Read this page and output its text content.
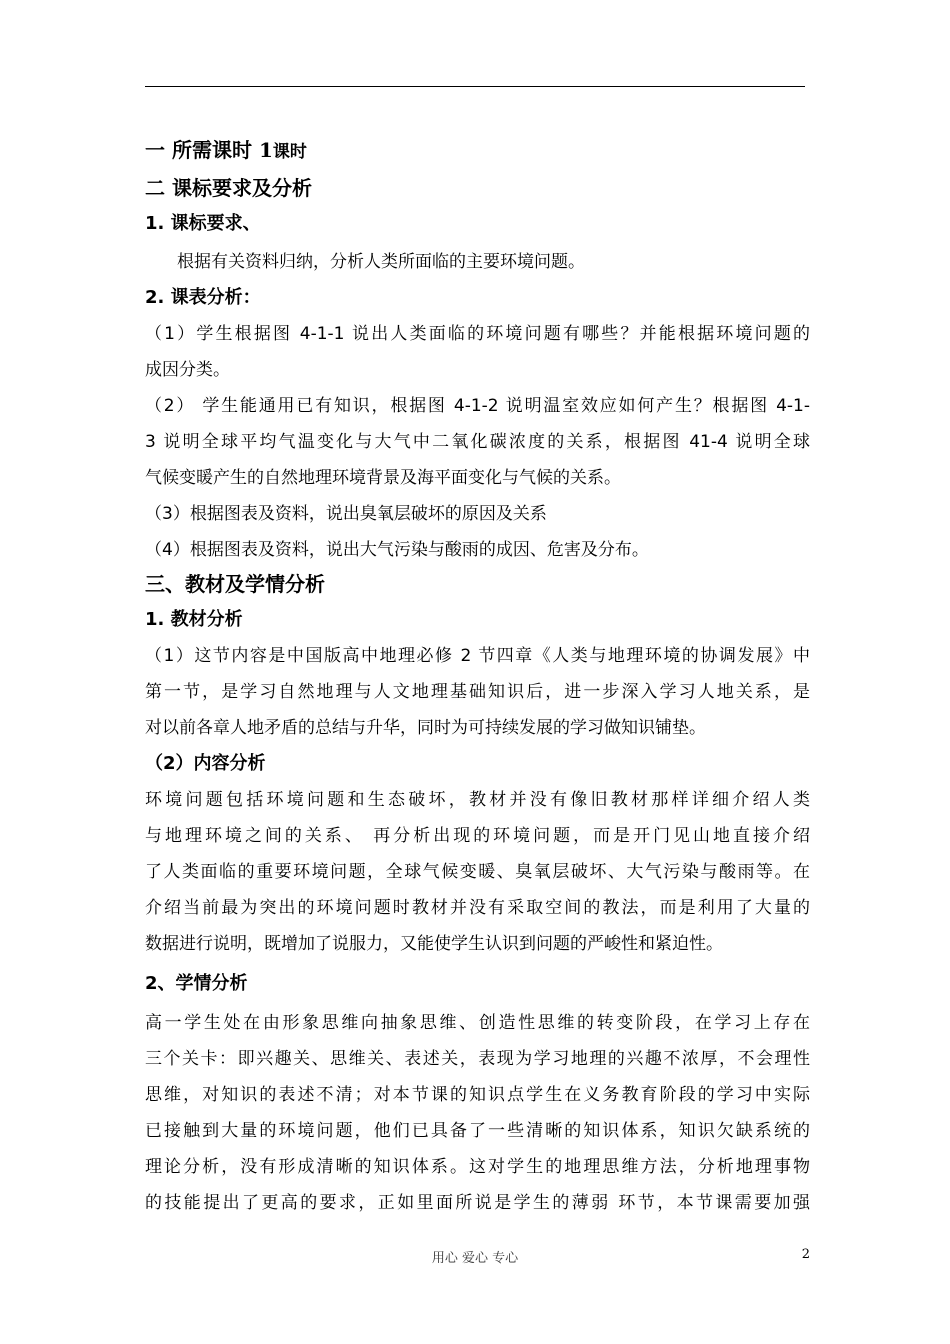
一 所需课时 1课时
二 课标要求及分析
1. 课标要求、
根据有关资料归纳，分析人类所面临的主要环境问题。
2. 课表分析：
（1）学生根据图 4-1-1 说出人类面临的环境问题有哪些？并能根据环境问题的
成因分类。
（2） 学生能通用已有知识，根据图 4-1-2 说明温室效应如何产生？根据图 4-1-
3 说明全球平均气温变化与大气中二氧化碳浓度的关系，根据图 41-4 说明全球
气候变暖产生的自然地理环境背景及海平面变化与气候的关系。
（3）根据图表及资料，说出臭氧层破坏的原因及关系
（4）根据图表及资料，说出大气污染与酸雨的成因、危害及分布。
三、教材及学情分析
1. 教材分析
（1）这节内容是中国版高中地理必修 2 节四章《人类与地理环境的协调发展》中
第一节，是学习自然地理与人文地理基础知识后，进一步深入学习人地关系，是
对以前各章人地矛盾的总结与升华，同时为可持续发展的学习做知识铺垫。
（2）内容分析
环境问题包括环境问题和生态破坏，教材并没有像旧教材那样详细介绍人类
与地理环境之间的关系、 再分析出现的环境问题，而是开门见山地直接介绍
了人类面临的重要环境问题，全球气候变暖、臭氧层破坏、大气污染与酸雨等。在
介绍当前最为突出的环境问题时教材并没有采取空间的教法，而是利用了大量的
数据进行说明，既增加了说服力，又能使学生认识到问题的严峻性和紧迫性。
2、学情分析
高一学生处在由形象思维向抽象思维、创造性思维的转变阶段，在学习上存在
三个关卡：即兴趣关、思维关、表述关，表现为学习地理的兴趣不浓厚，不会理性
思维，对知识的表述不清；对本节课的知识点学生在义务教育阶段的学习中实际
已接触到大量的环境问题，他们已具备了一些清晰的知识体系，知识欠缺系统的
理论分析，没有形成清晰的知识体系。这对学生的地理思维方法，分析地理事物
的技能提出了更高的要求，正如里面所说是学生的薄弱 环节，本节课需要加强
用心 爱心 专心	2
